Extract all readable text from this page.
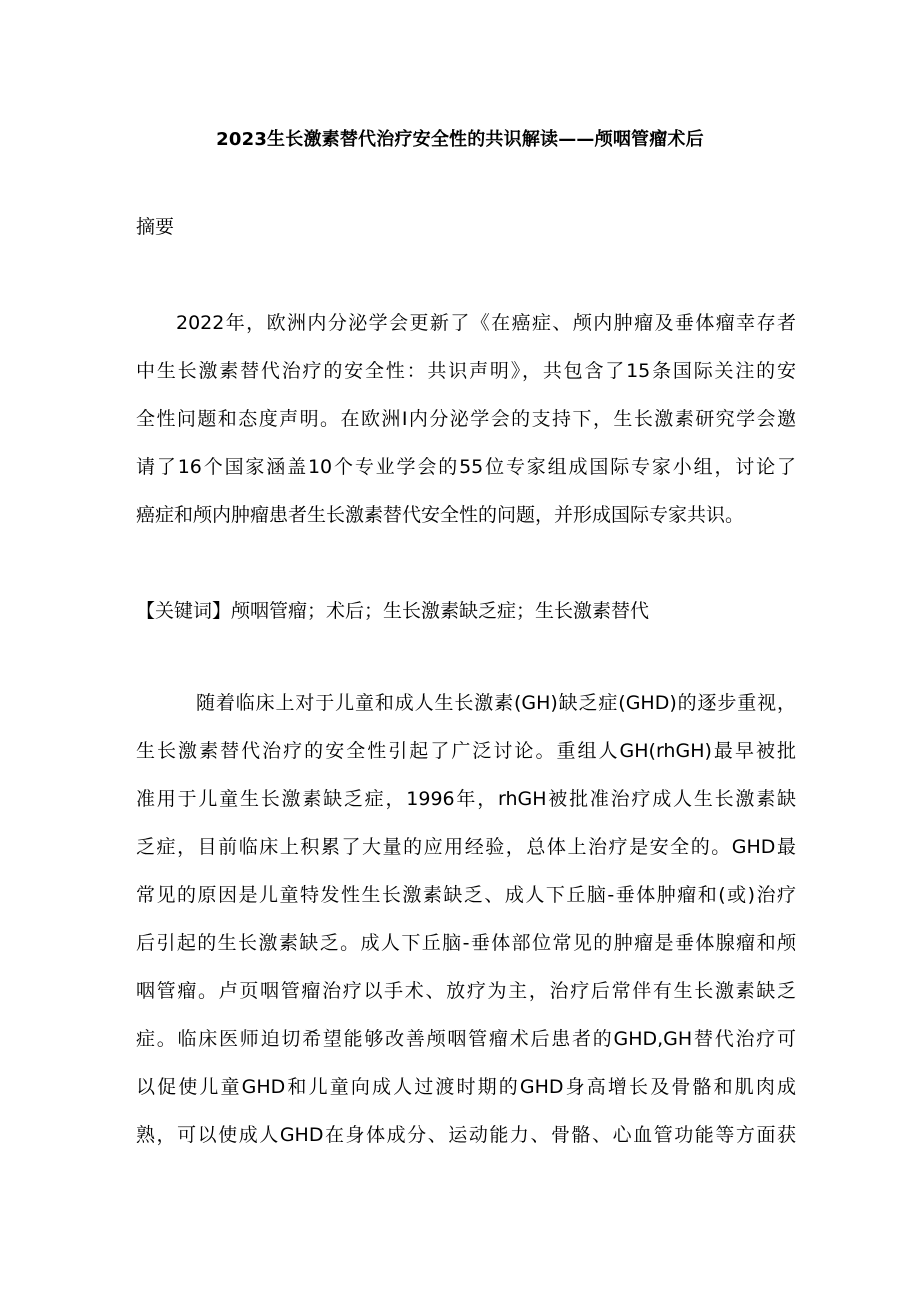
2023生长激素替代治疗安全性的共识解读——颅咽管瘤术后
摘要
2022年，欧洲内分泌学会更新了《在癌症、颅内肿瘤及垂体瘤幸存者
中生长激素替代治疗的安全性：共识声明》，共包含了15条国际关注的安
全性问题和态度声明。在欧洲I内分泌学会的支持下，生长激素研究学会邀
请了16个国家涵盖10个专业学会的55位专家组成国际专家小组，讨论了
癌症和颅内肿瘤患者生长激素替代安全性的问题，并形成国际专家共识。
【关键词】颅咽管瘤；术后；生长激素缺乏症；生长激素替代
随着临床上对于儿童和成人生长激素(GH)缺乏症(GHD)的逐步重视，
生长激素替代治疗的安全性引起了广泛讨论。重组人GH(rhGH)最早被批
准用于儿童生长激素缺乏症，1996年，rhGH被批准治疗成人生长激素缺
乏症，目前临床上积累了大量的应用经验，总体上治疗是安全的。GHD最
常见的原因是儿童特发性生长激素缺乏、成人下丘脑-垂体肿瘤和(或)治疗
后引起的生长激素缺乏。成人下丘脑-垂体部位常见的肿瘤是垂体腺瘤和颅
咽管瘤。卢页咽管瘤治疗以手术、放疗为主，治疗后常伴有生长激素缺乏
症。临床医师迫切希望能够改善颅咽管瘤术后患者的GHD,GH替代治疗可
以促使儿童GHD和儿童向成人过渡时期的GHD身高增长及骨骼和肌肉成
熟，可以使成人GHD在身体成分、运动能力、骨骼、心血管功能等方面获
